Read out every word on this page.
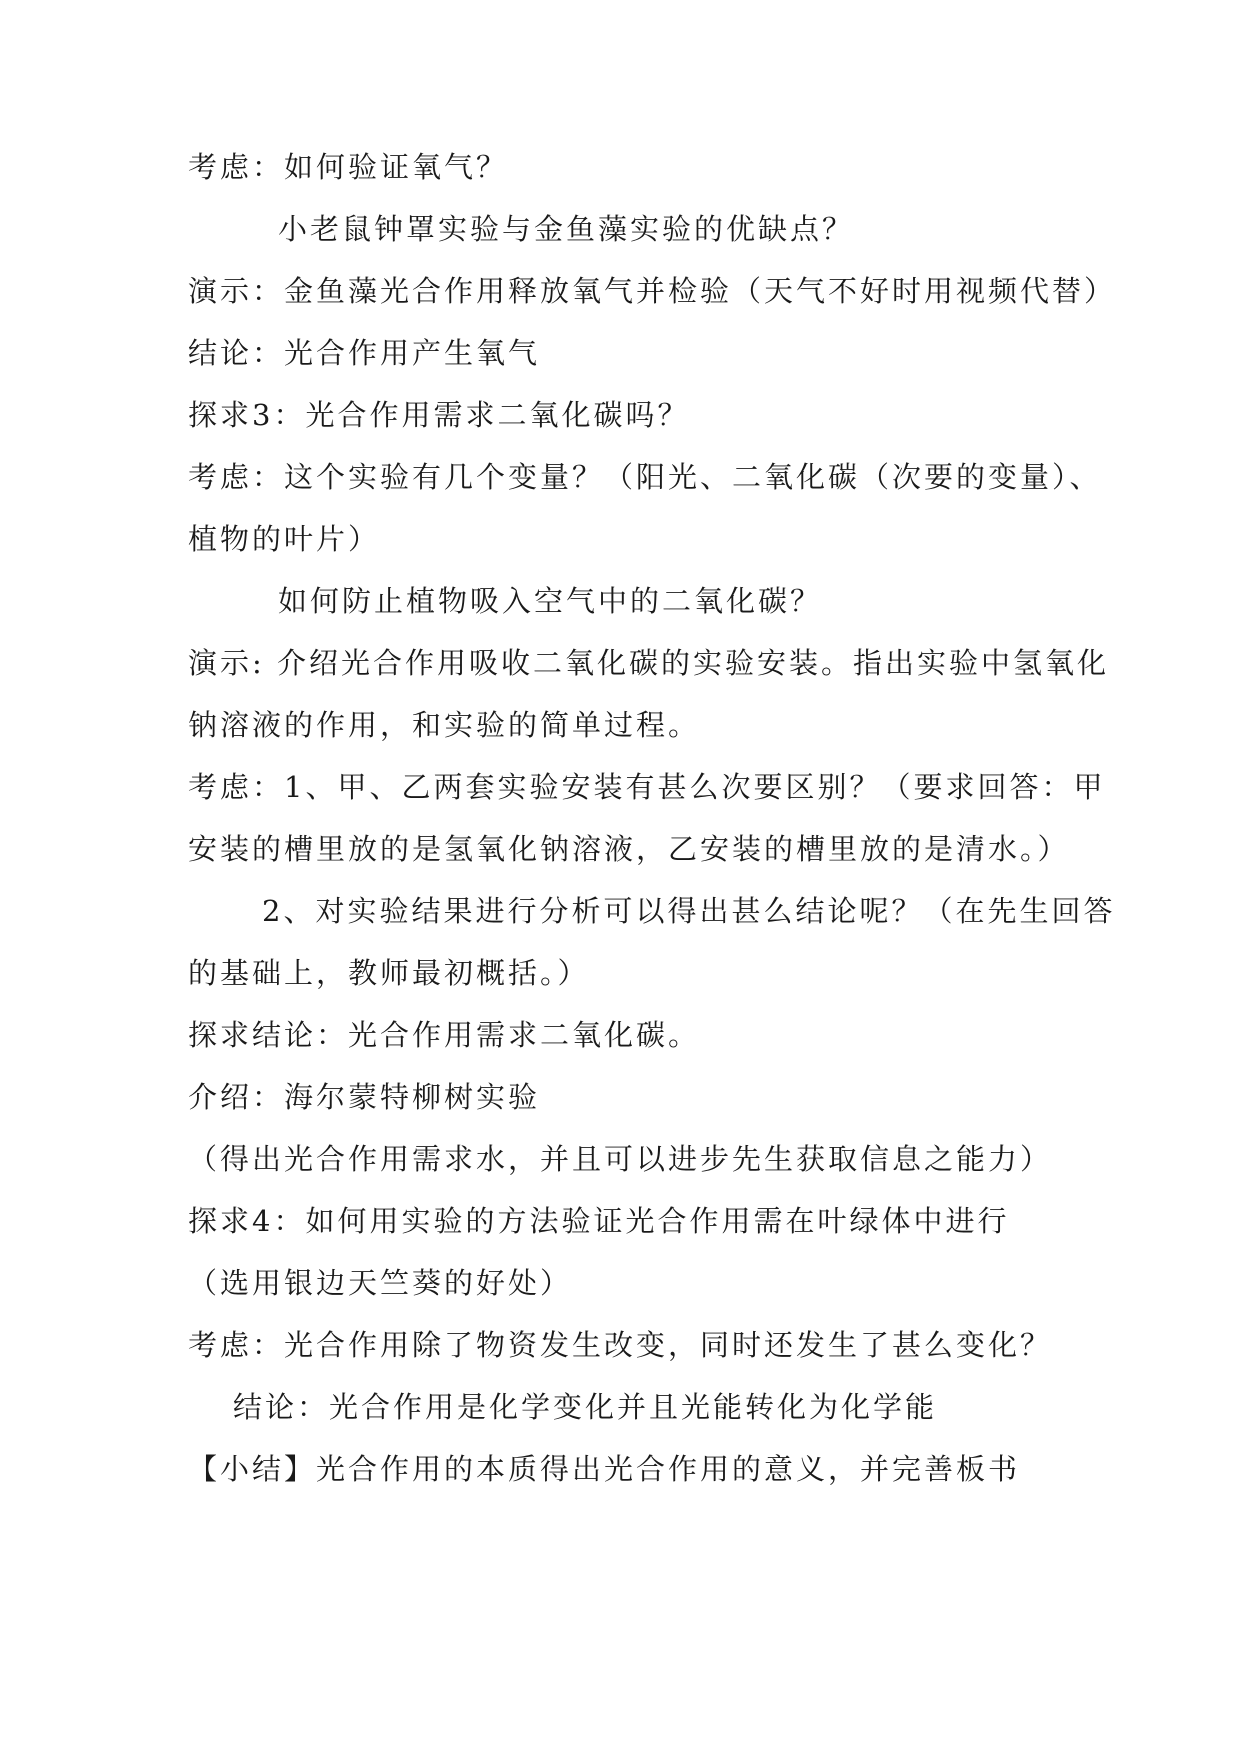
考虑：如何验证氧气？
小老鼠钟罩实验与金鱼藻实验的优缺点？
演示：金鱼藻光合作用释放氧气并检验（天气不好时用视频代替）
结论：光合作用产生氧气
探求3：光合作用需求二氧化碳吗？
考虑：这个实验有几个变量？（阳光、二氧化碳（次要的变量）、
植物的叶片）
如何防止植物吸入空气中的二氧化碳？
演示: 介绍光合作用吸收二氧化碳的实验安装。指出实验中氢氧化
钠溶液的作用，和实验的简单过程。
考虑：1、甲、乙两套实验安装有甚么次要区别？（要求回答：甲
安装的槽里放的是氢氧化钠溶液，乙安装的槽里放的是清水。）
2、对实验结果进行分析可以得出甚么结论呢？（在先生回答
的基础上，教师最初概括。）
探求结论：光合作用需求二氧化碳。
介绍：海尔蒙特柳树实验
（得出光合作用需求水，并且可以进步先生获取信息之能力）
探求4：如何用实验的方法验证光合作用需在叶绿体中进行
（选用银边天竺葵的好处）
考虑：光合作用除了物资发生改变，同时还发生了甚么变化？
结论：光合作用是化学变化并且光能转化为化学能
【小结】光合作用的本质得出光合作用的意义，并完善板书
